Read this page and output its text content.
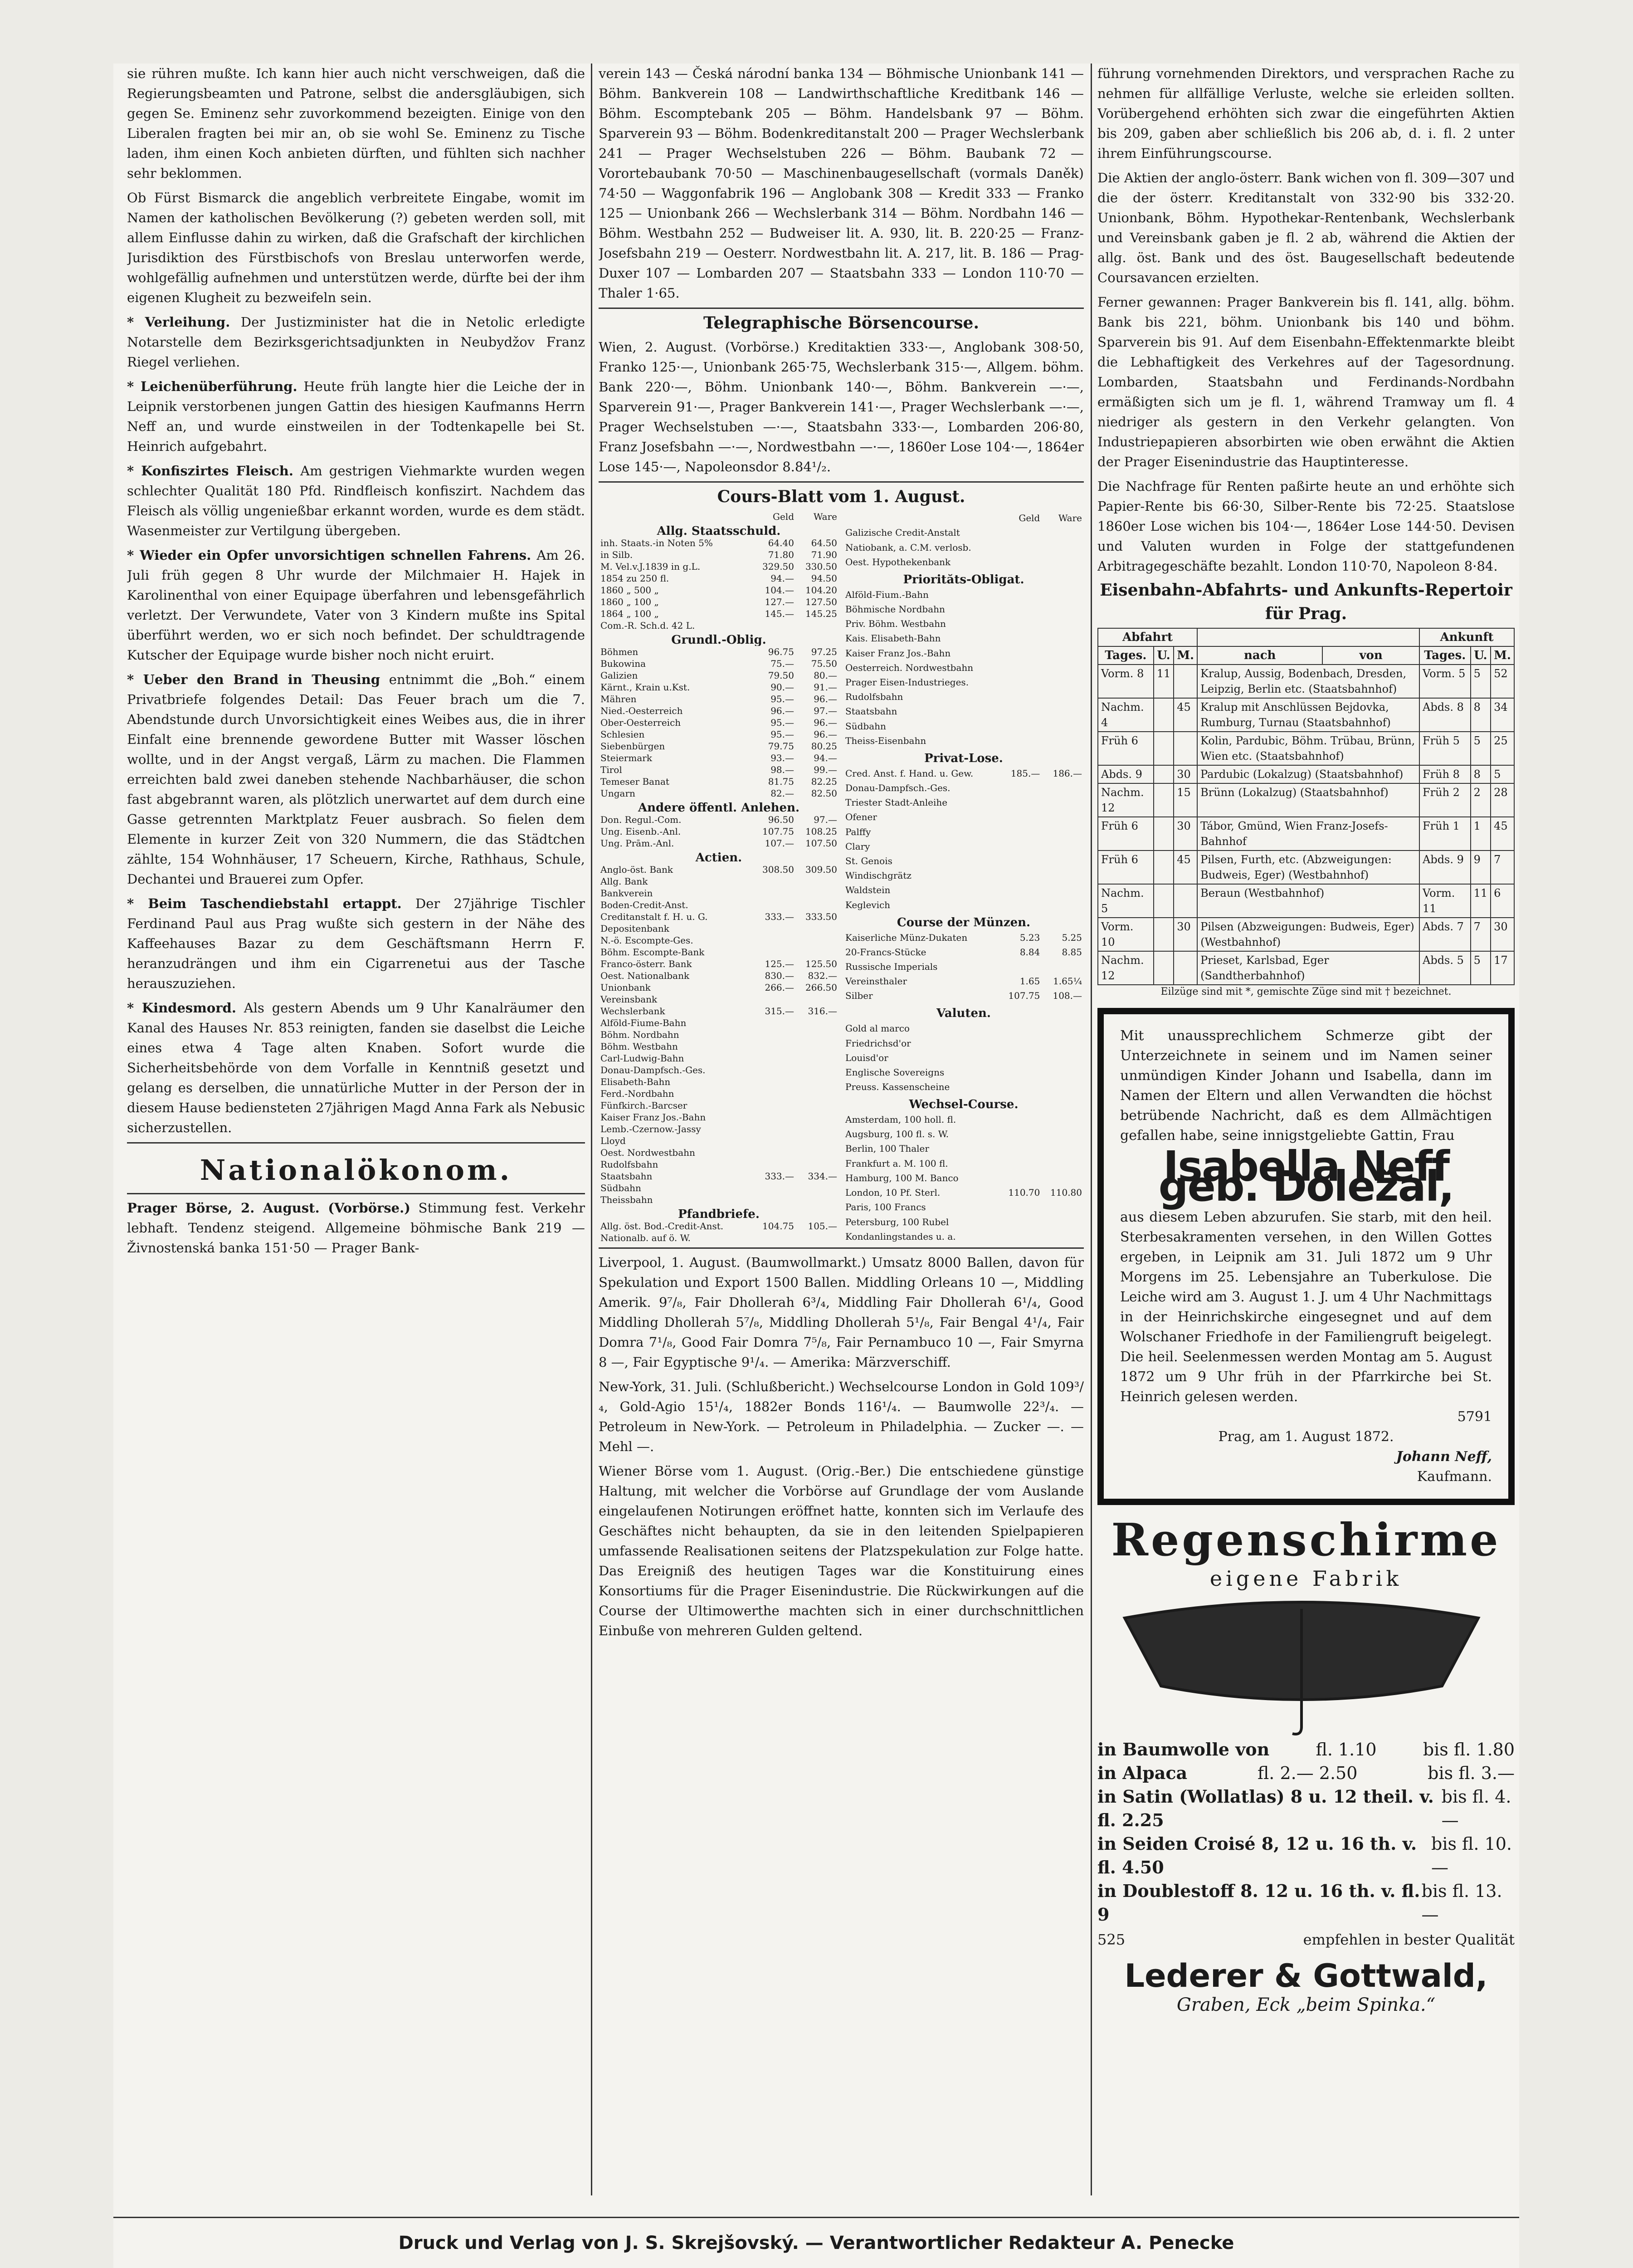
sie rühren mußte. Ich kann hier auch nicht verschweigen, daß die Regierungsbeamten und Patrone, selbst die andersgläubigen, sich gegen Se. Eminenz sehr zuvorkommend bezeigten. Einige von den Liberalen fragten bei mir an, ob sie wohl Se. Eminenz zu Tische laden, ihm einen Koch anbieten dürften, und fühlten sich nachher sehr beklommen.

Ob Fürst Bismarck die angeblich verbreitete Eingabe, womit im Namen der katholischen Bevölkerung (?) gebeten werden soll, mit allem Einflusse dahin zu wirken, daß die Grafschaft der kirchlichen Jurisdiktion des Fürstbischofs von Breslau unterworfen werde, wohlgefällig aufnehmen und unterstützen werde, dürfte bei der ihm eigenen Klugheit zu bezweifeln sein.

* Verleihung. Der Justizminister hat die in Netolic erledigte Notarstelle dem Bezirksgerichtsadjunkten in Neubydžov Franz Riegel verliehen.

* Leichenüberführung. Heute früh langte hier die Leiche der in Leipnik verstorbenen jungen Gattin des hiesigen Kaufmanns Herrn Neff an, und wurde einstweilen in der Todtenkapelle bei St. Heinrich aufgebahrt.

* Konfiszirtes Fleisch. Am gestrigen Viehmarkte wurden wegen schlechter Qualität 180 Pfd. Rindfleisch konfiszirt. Nachdem das Fleisch als völlig ungenießbar erkannt worden, wurde es dem städt. Wasenmeister zur Vertilgung übergeben.

* Wieder ein Opfer unvorsichtigen schnellen Fahrens. Am 26. Juli früh gegen 8 Uhr wurde der Milchmaier H. Hajek in Karolinenthal von einer Equipage überfahren und lebensgefährlich verletzt. Der Verwundete, Vater von 3 Kindern mußte ins Spital überführt werden, wo er sich noch befindet. Der schuldtragende Kutscher der Equipage wurde bisher noch nicht eruirt.

* Ueber den Brand in Theusing entnimmt die „Boh.“ einem Privatbriefe folgendes Detail: Das Feuer brach um die 7. Abendstunde durch Unvorsichtigkeit eines Weibes aus, die in ihrer Einfalt eine brennende gewordene Butter mit Wasser löschen wollte, und in der Angst vergaß, Lärm zu machen. Die Flammen erreichten bald zwei daneben stehende Nachbarhäuser, die schon fast abgebrannt waren, als plötzlich unerwartet auf dem durch eine Gasse getrennten Marktplatz Feuer ausbrach. So fielen dem Elemente in kurzer Zeit von 320 Nummern, die das Städtchen zählte, 154 Wohnhäuser, 17 Scheuern, Kirche, Rathhaus, Schule, Dechantei und Brauerei zum Opfer.

* Beim Taschendiebstahl ertappt. Der 27jährige Tischler Ferdinand Paul aus Prag wußte sich gestern in der Nähe des Kaffeehauses Bazar zu dem Geschäftsmann Herrn F. heranzudrängen und ihm ein Cigarrenetui aus der Tasche herauszuziehen.

* Kindesmord. Als gestern Abends um 9 Uhr Kanalräumer den Kanal des Hauses Nr. 853 reinigten, fanden sie daselbst die Leiche eines etwa 4 Tage alten Knaben. Sofort wurde die Sicherheitsbehörde von dem Vorfalle in Kenntniß gesetzt und gelang es derselben, die unnatürliche Mutter in der Person der in diesem Hause bediensteten 27jährigen Magd Anna Fark als Nebusic sicherzustellen.

Nationalökonom.

Prager Börse, 2. August. (Vorbörse.) Stimmung fest. Verkehr lebhaft. Tendenz steigend. Allgemeine böhmische Bank 219 — Živnostenská banka 151·50 — Prager Bank-

verein 143 — Česká národní banka 134 — Böhmische Unionbank 141 — Böhm. Bankverein 108 — Landwirthschaftliche Kreditbank 146 — Böhm. Escomptebank 205 — Böhm. Handelsbank 97 — Böhm. Sparverein 93 — Böhm. Bodenkreditanstalt 200 — Prager Wechslerbank 241 — Prager Wechselstuben 226 — Böhm. Baubank 72 — Vorortebaubank 70·50 — Maschinenbaugesellschaft (vormals Daněk) 74·50 — Waggonfabrik 196 — Anglobank 308 — Kredit 333 — Franko 125 — Unionbank 266 — Wechslerbank 314 — Böhm. Nordbahn 146 — Böhm. Westbahn 252 — Budweiser lit. A. 930, lit. B. 220·25 — Franz-Josefsbahn 219 — Oesterr. Nordwestbahn lit. A. 217, lit. B. 186 — Prag-Duxer 107 — Lombarden 207 — Staatsbahn 333 — London 110·70 — Thaler 1·65.

Telegraphische Börsencourse.

Wien, 2. August. (Vorbörse.) Kreditaktien 333·—, Anglobank 308·50, Franko 125·—, Unionbank 265·75, Wechslerbank 315·—, Allgem. böhm. Bank 220·—, Böhm. Unionbank 140·—, Böhm. Bankverein —·—, Sparverein 91·—, Prager Bankverein 141·—, Prager Wechslerbank —·—, Prager Wechselstuben —·—, Staatsbahn 333·—, Lombarden 206·80, Franz Josefsbahn —·—, Nordwestbahn —·—, 1860er Lose 104·—, 1864er Lose 145·—, Napoleonsdor 8.84¹/₂.

Cours-Blatt vom 1. August.
	Geld	Ware
Allg. Staatsschuld.		
inh. Staats.-in Noten 5%	64.40	64.50
in Silb.	71.80	71.90
M. Vel.v.J.1839 in g.L.	329.50	330.50
1854 zu 250 fl.	94.—	94.50
1860 „ 500 „	104.—	104.20
1860 „ 100 „	127.—	127.50
1864 „ 100 „	145.—	145.25
Com.-R. Sch.d. 42 L.		
Grundl.-Oblig.		
Böhmen	96.75	97.25
Bukowina	75.—	75.50
Galizien	79.50	80.—
Kärnt., Krain u.Kst.	90.—	91.—
Mähren	95.—	96.—
Nied.-Oesterreich	96.—	97.—
Ober-Oesterreich	95.—	96.—
Schlesien	95.—	96.—
Siebenbürgen	79.75	80.25
Steiermark	93.—	94.—
Tirol	98.—	99.—
Temeser Banat	81.75	82.25
Ungarn	82.—	82.50
Andere öffentl. Anlehen.		
Don. Regul.-Com.	96.50	97.—
Ung. Eisenb.-Anl.	107.75	108.25
Ung. Prām.-Anl.	107.—	107.50
Actien.		
Anglo-öst. Bank	308.50	309.50
Allg. Bank		
Bankverein		
Boden-Credit-Anst.		
Creditanstalt f. H. u. G.	333.—	333.50
Depositenbank		
N.-ö. Escompte-Ges.		
Böhm. Escompte-Bank		
Franco-österr. Bank	125.—	125.50
Oest. Nationalbank	830.—	832.—
Unionbank	266.—	266.50
Vereinsbank		
Wechslerbank	315.—	316.—
Alföld-Fiume-Bahn		
Böhm. Nordbahn		
Böhm. Westbahn		
Carl-Ludwig-Bahn		
Donau-Dampfsch.-Ges.		
Elisabeth-Bahn		
Ferd.-Nordbahn		
Fünfkirch.-Barcser		
Kaiser Franz Jos.-Bahn		
Lemb.-Czernow.-Jassy		
Lloyd		
Oest. Nordwestbahn		
Rudolfsbahn		
Staatsbahn	333.—	334.—
Südbahn		
Theissbahn		
Pfandbriefe.		
Allg. öst. Bod.-Credit-Anst.	104.75	105.—
Nationalb. auf ö. W.		
	Geld	Ware
Galizische Credit-Anstalt		
Natiobank, a. C.M. verlosb.		
Oest. Hypothekenbank		
Priorităts-Obligat.		
Alföld-Fium.-Bahn		
Böhmische Nordbahn		
Priv. Böhm. Westbahn		
Kais. Elisabeth-Bahn		
Kaiser Franz Jos.-Bahn		
Oesterreich. Nordwestbahn		
Prager Eisen-Industrieges.		
Rudolfsbahn		
Staatsbahn		
Südbahn		
Theiss-Eisenbahn		
Privat-Lose.		
Cred. Anst. f. Hand. u. Gew.	185.—	186.—
Donau-Dampfsch.-Ges.		
Triester Stadt-Anleihe		
Ofener		
Palffy		
Clary		
St. Genois		
Windischgrätz		
Waldstein		
Keglevich		
Course der Münzen.		
Kaiserliche Münz-Dukaten	5.23	5.25
20-Francs-Stücke	8.84	8.85
Russische Imperials		
Vereinsthaler	1.65	1.65¼
Silber	107.75	108.—
Valuten.		
Gold al marco		
Friedrichsd'or		
Louisd'or		
Englische Sovereigns		
Preuss. Kassenscheine		
Wechsel-Course.		
Amsterdam, 100 holl. fl.		
Augsburg, 100 fl. s. W.		
Berlin, 100 Thaler		
Frankfurt a. M. 100 fl.		
Hamburg, 100 M. Banco		
London, 10 Pf. Sterl.	110.70	110.80
Paris, 100 Francs		
Petersburg, 100 Rubel		
Kondanlingstandes u. a.		

Liverpool, 1. August. (Baumwollmarkt.) Umsatz 8000 Ballen, davon für Spekulation und Export 1500 Ballen. Middling Orleans 10 —, Middling Amerik. 9⁷/₈, Fair Dhollerah 6³/₄, Middling Fair Dhollerah 6¹/₄, Good Middling Dhollerah 5⁷/₈, Middling Dhollerah 5¹/₈, Fair Bengal 4¹/₄, Fair Domra 7¹/₈, Good Fair Domra 7⁵/₈, Fair Pernambuco 10 —, Fair Smyrna 8 —, Fair Egyptische 9¹/₄. — Amerika: Märzverschiff.

New-York, 31. Juli. (Schlußbericht.) Wechselcourse London in Gold 109³/₄, Gold-Agio 15¹/₄, 1882er Bonds 116¹/₄. — Baumwolle 22³/₄. — Petroleum in New-York. — Petroleum in Philadelphia. — Zucker —. — Mehl —.

Wiener Börse vom 1. August. (Orig.-Ber.) Die entschiedene günstige Haltung, mit welcher die Vorbörse auf Grundlage der vom Auslande eingelaufenen Notirungen eröffnet hatte, konnten sich im Verlaufe des Geschäftes nicht behaupten, da sie in den leitenden Spielpapieren umfassende Realisationen seitens der Platzspekulation zur Folge hatte. Das Ereigniß des heutigen Tages war die Konstituirung eines Konsortiums für die Prager Eisenindustrie. Die Rückwirkungen auf die Course der Ultimowerthe machten sich in einer durchschnittlichen Einbuße von mehreren Gulden geltend.

führung vornehmenden Direktors, und versprachen Rache zu nehmen für allfällige Verluste, welche sie erleiden sollten. Vorübergehend erhöhten sich zwar die eingeführten Aktien bis 209, gaben aber schließlich bis 206 ab, d. i. fl. 2 unter ihrem Einführungscourse.

Die Aktien der anglo-österr. Bank wichen von fl. 309—307 und die der österr. Kreditanstalt von 332·90 bis 332·20. Unionbank, Böhm. Hypothekar-Rentenbank, Wechslerbank und Vereinsbank gaben je fl. 2 ab, während die Aktien der allg. öst. Bank und des öst. Baugesellschaft bedeutende Coursavancen erzielten.

Ferner gewannen: Prager Bankverein bis fl. 141, allg. böhm. Bank bis 221, böhm. Unionbank bis 140 und böhm. Sparverein bis 91. Auf dem Eisenbahn-Effektenmarkte bleibt die Lebhaftigkeit des Verkehres auf der Tagesordnung. Lombarden, Staatsbahn und Ferdinands-Nordbahn ermäßigten sich um je fl. 1, während Tramway um fl. 4 niedriger als gestern in den Verkehr gelangten. Von Industriepapieren absorbirten wie oben erwähnt die Aktien der Prager Eisenindustrie das Hauptinteresse.

Die Nachfrage für Renten paßirte heute an und erhöhte sich Papier-Rente bis 66·30, Silber-Rente bis 72·25. Staatslose 1860er Lose wichen bis 104·—, 1864er Lose 144·50. Devisen und Valuten wurden in Folge der stattgefundenen Arbitragegeschäfte bezahlt. London 110·70, Napoleon 8·84.

Eisenbahn-Abfahrts- und Ankunfts-Repertoir
für Prag.
Abfahrt					Ankunft		
Tages.	U.	M.	nach	von	Tages.	U.	M.
Vorm. 8	11		Kralup, Aussig, Bodenbach, Dresden, Leipzig, Berlin etc. (Staatsbahnhof)		Vorm. 5	5	52
Nachm. 4		45	Kralup mit Anschlüssen Bejdovka, Rumburg, Turnau (Staatsbahnhof)		Abds. 8	8	34
Früh 6			Kolin, Pardubic, Böhm. Trübau, Brünn, Wien etc. (Staatsbahnhof)		Früh 5	5	25
Abds. 9		30	Pardubic (Lokalzug) (Staatsbahnhof)		Früh 8	8	5
Nachm. 12		15	Brünn (Lokalzug) (Staatsbahnhof)		Früh 2	2	28
Früh 6		30	Tábor, Gmünd, Wien Franz-Josefs-Bahnhof		Früh 1	1	45
Früh 6		45	Pilsen, Furth, etc. (Abzweigungen: Budweis, Eger) (Westbahnhof)		Abds. 9	9	7
Nachm. 5			Beraun (Westbahnhof)		Vorm. 11	11	6
Vorm. 10		30	Pilsen (Abzweigungen: Budweis, Eger) (Westbahnhof)		Abds. 7	7	30
Nachm. 12			Prieset, Karlsbad, Eger (Sandtherbahnhof)		Abds. 5	5	17
Eilzüge sind mit *, gemischte Züge sind mit † bezeichnet.
Mit unaussprechlichem Schmerze gibt der Unterzeichnete in seinem und im Namen seiner unmündigen Kinder Johann und Isabella, dann im Namen der Eltern und allen Verwandten die höchst betrübende Nachricht, daß es dem Allmächtigen gefallen habe, seine innigstgeliebte Gattin, Frau
Isabella Neff geb. Doležal,
aus diesem Leben abzurufen. Sie starb, mit den heil. Sterbesakramenten versehen, in den Willen Gottes ergeben, in Leipnik am 31. Juli 1872 um 9 Uhr Morgens im 25. Lebensjahre an Tuberkulose. Die Leiche wird am 3. August 1. J. um 4 Uhr Nachmittags in der Heinrichskirche eingesegnet und auf dem Wolschaner Friedhofe in der Familiengruft beigelegt. Die heil. Seelenmessen werden Montag am 5. August 1872 um 9 Uhr früh in der Pfarrkirche bei St. Heinrich gelesen werden.
5791
Prag, am 1. August 1872.
Johann Neff,
Kaufmann.
Regenschirme
eigene Fabrik
in Baumwolle von	fl. 1.10	bis fl. 1.80
in Alpaca	fl. 2.— 2.50	bis fl. 3.—
in Satin (Wollatlas) 8 u. 12 theil. v. fl. 2.25
bis fl. 4.—
in Seiden Croisé 8, 12 u. 16 th. v. fl. 4.50
bis fl. 10.—
in Doublestoff 8. 12 u. 16 th. v. fl. 9
bis fl. 13.—
525	empfehlen in bester Qualität
Lederer & Gottwald,
Graben, Eck „beim Spinka.“
Druck und Verlag von J. S. Skrejšovský. — Verantwortlicher Redakteur A. Penecke
